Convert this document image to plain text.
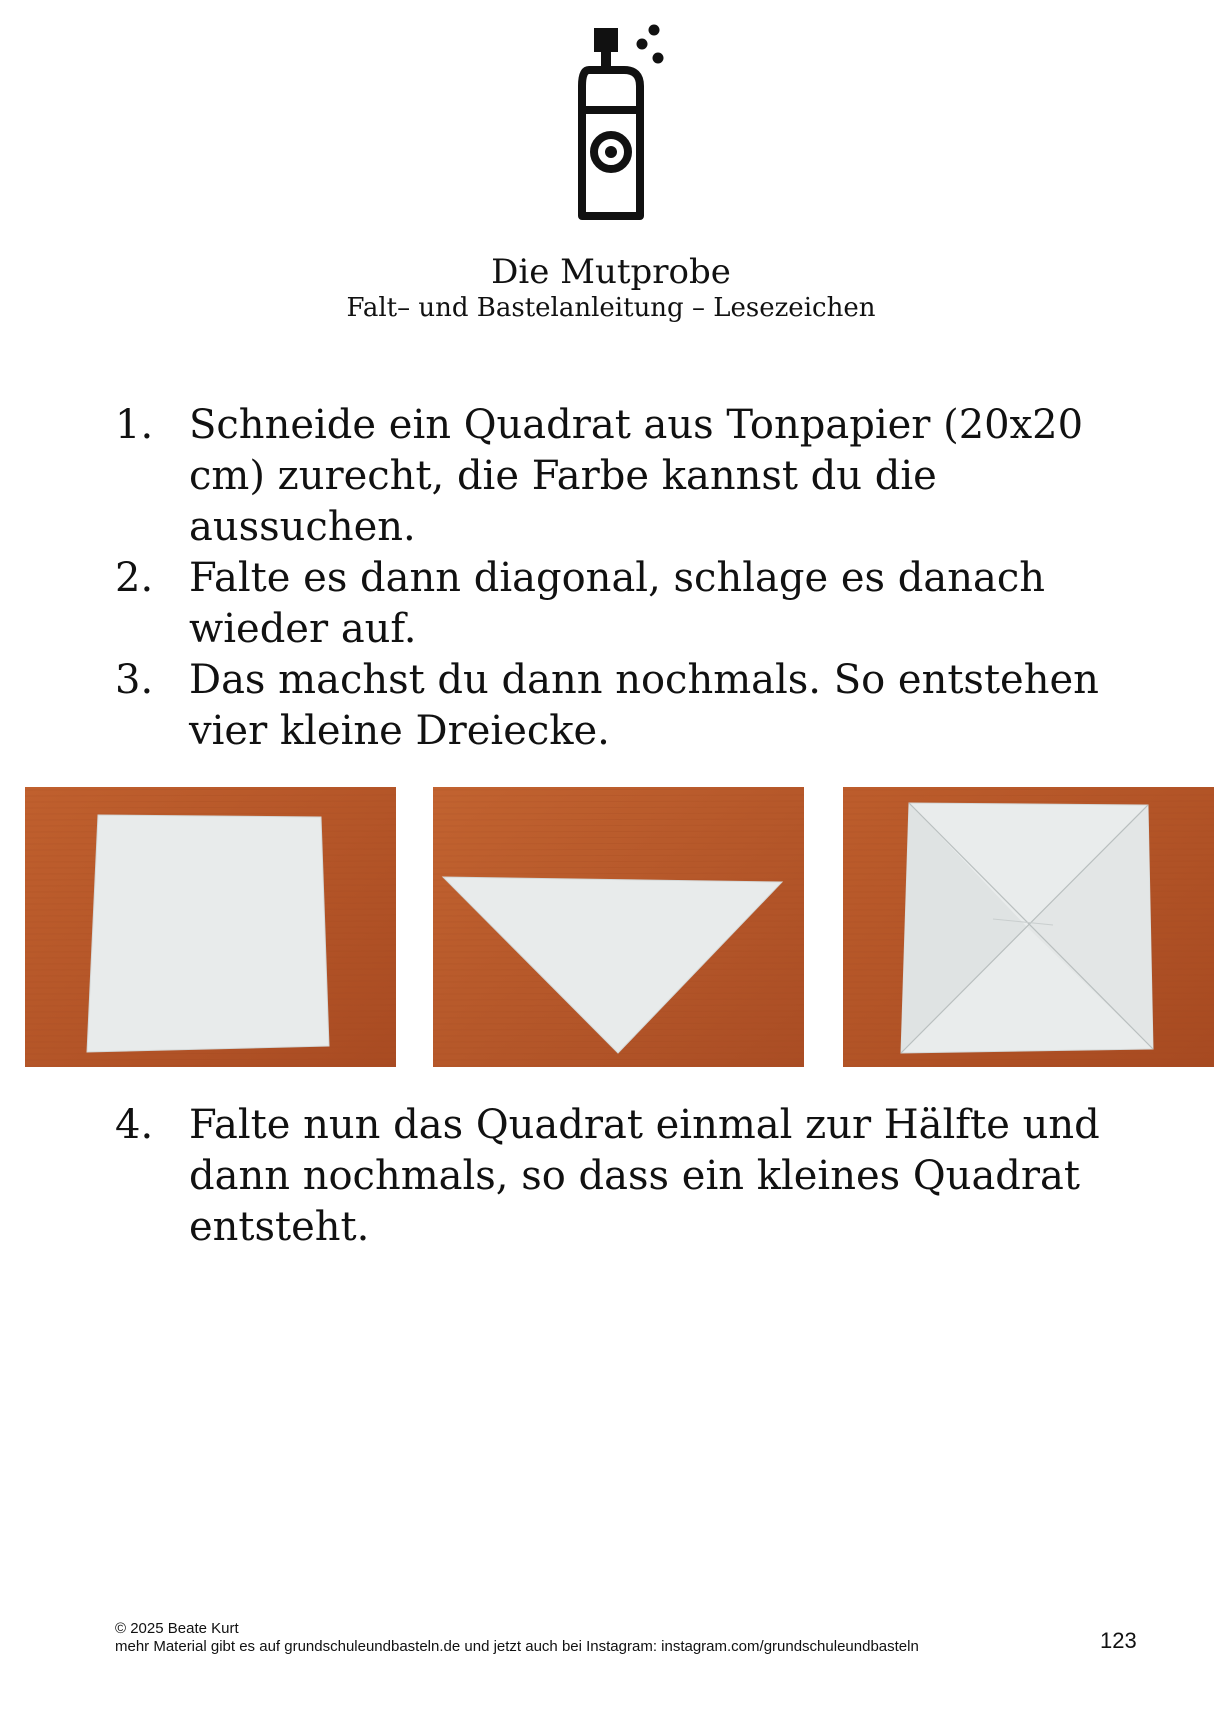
Die Mutprobe
Falt– und Bastelanleitung – Lesezeichen
1. Schneide ein Quadrat aus Tonpapier (20x20 cm) zurecht, die Farbe kannst du die aussuchen.
2. Falte es dann diagonal, schlage es danach wieder auf.
3. Das machst du dann nochmals. So entstehen vier kleine Dreiecke.
4. Falte nun das Quadrat einmal zur Hälfte und dann nochmals, so dass ein kleines Quadrat entsteht.
© 2025 Beate Kurt
mehr Material gibt es auf grundschuleundbasteln.de und jetzt auch bei Instagram: instagram.com/grundschuleundbasteln	123
